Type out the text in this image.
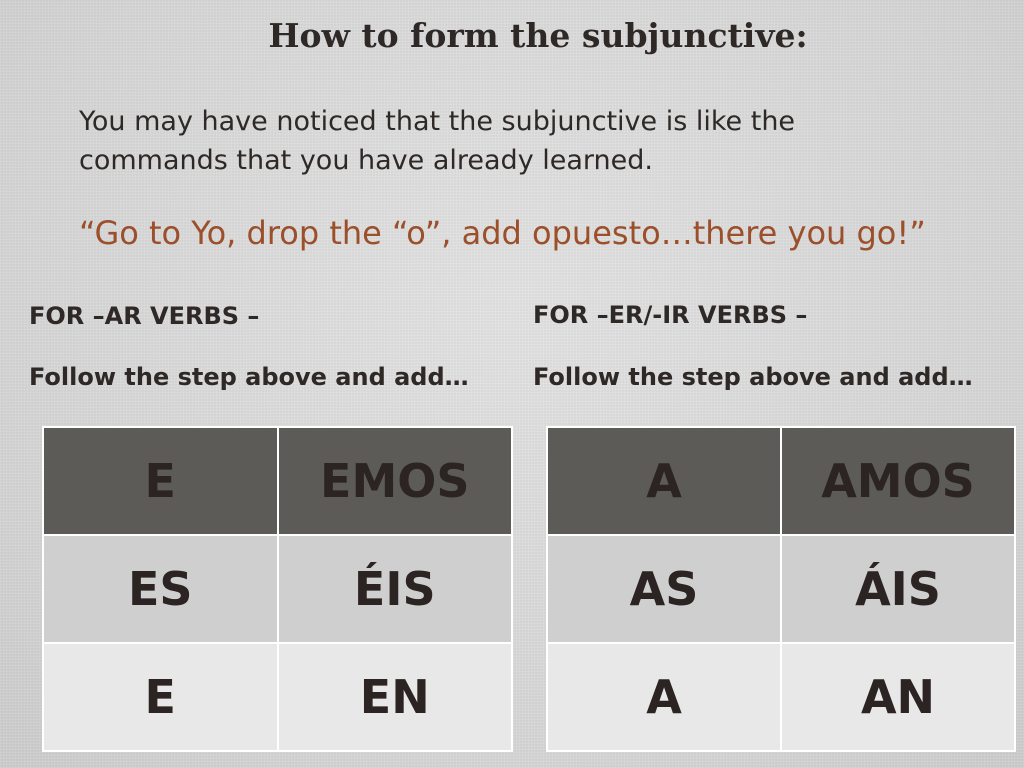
How to form the subjunctive:
You may have noticed that the subjunctive is like the commands that you have already learned.
“Go to Yo, drop the “o”, add opuesto…there you go!”
FOR –AR VERBS –
Follow the step above and add…
FOR –ER/-IR VERBS –
Follow the step above and add…
E	EMOS
ES	ÉIS
E	EN
A	AMOS
AS	ÁIS
A	AN
